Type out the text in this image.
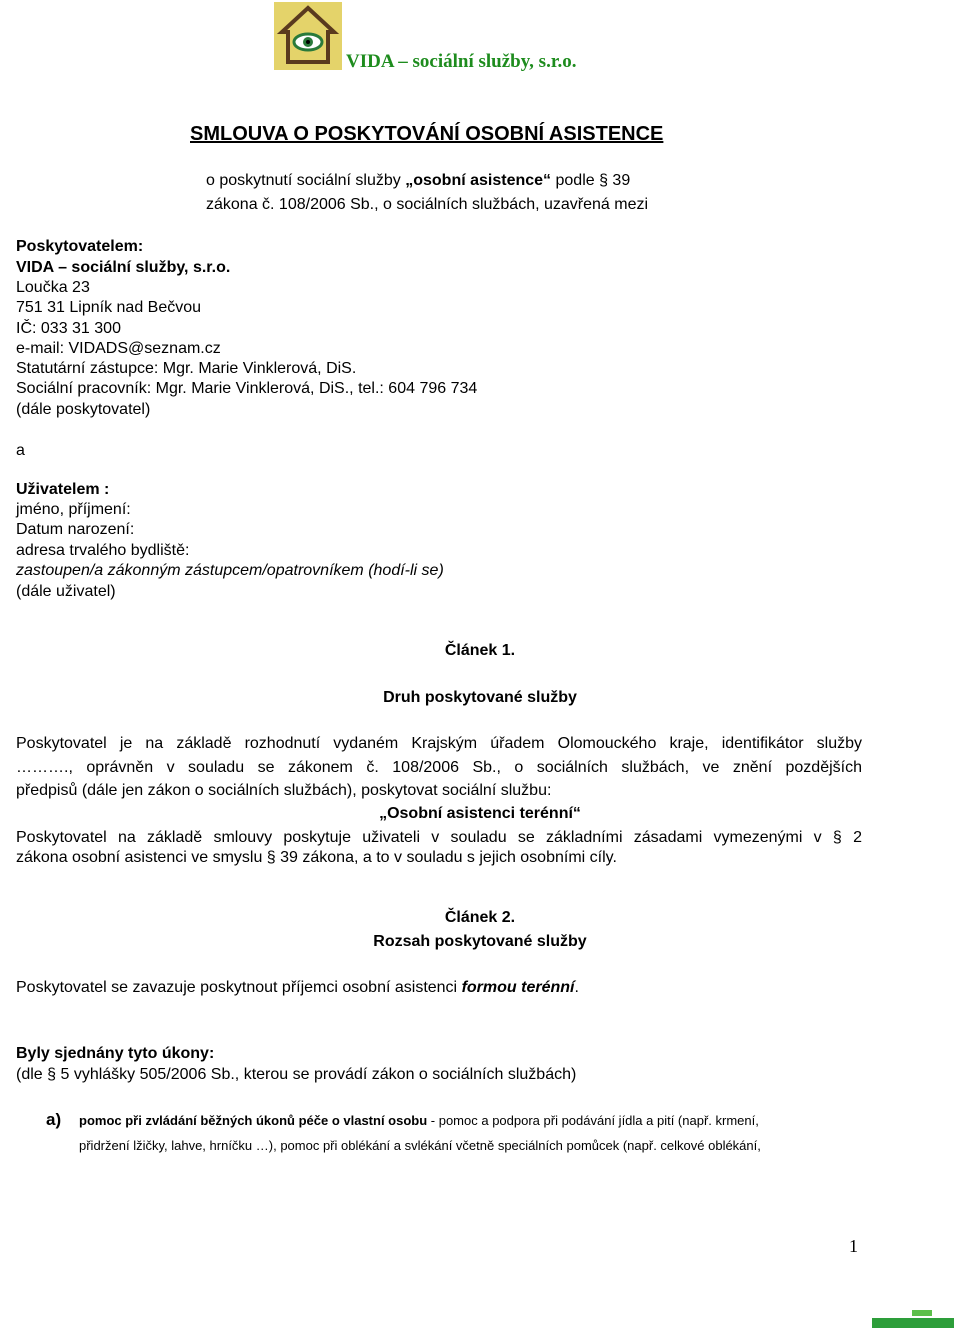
VIDA – sociální služby, s.r.o.
SMLOUVA O POSKYTOVÁNÍ OSOBNÍ ASISTENCE
o poskytnutí sociální služby „osobní asistence“ podle § 39
zákona č. 108/2006 Sb., o sociálních službách, uzavřená mezi
Poskytovatelem:
VIDA – sociální služby, s.r.o.
Loučka 23
751 31 Lipník nad Bečvou
IČ: 033 31 300
e-mail: VIDADS@seznam.cz
Statutární zástupce: Mgr. Marie Vinklerová, DiS.
Sociální pracovník: Mgr. Marie Vinklerová, DiS., tel.: 604 796 734
(dále poskytovatel)
a
Uživatelem :
jméno, příjmení:
Datum narození:
adresa trvalého bydliště:
zastoupen/a zákonným zástupcem/opatrovníkem (hodí-li se)
(dále uživatel)
Článek 1.
Druh poskytované služby
Poskytovatel je na základě rozhodnutí vydaném Krajským úřadem Olomouckého kraje, identifikátor služby
………., oprávněn v souladu se zákonem č. 108/2006 Sb., o sociálních službách, ve znění pozdějších
předpisů (dále jen zákon o sociálních službách), poskytovat sociální službu:
„Osobní asistenci terénní“
Poskytovatel na základě smlouvy poskytuje uživateli v souladu se základními zásadami vymezenými v § 2
zákona osobní asistenci ve smyslu § 39 zákona, a to v souladu s jejich osobními cíly.
Článek 2.
Rozsah poskytované služby
Poskytovatel se zavazuje poskytnout příjemci osobní asistenci formou terénní.
Byly sjednány tyto úkony:
(dle § 5 vyhlášky 505/2006 Sb., kterou se provádí zákon o sociálních službách)
a) pomoc při zvládání běžných úkonů péče o vlastní osobu - pomoc a podpora při podávání jídla a pití (např. krmení,
přidržení lžičky, lahve, hrníčku …), pomoc při oblékání a svlékání včetně speciálních pomůcek (např. celkové oblékání,
1
